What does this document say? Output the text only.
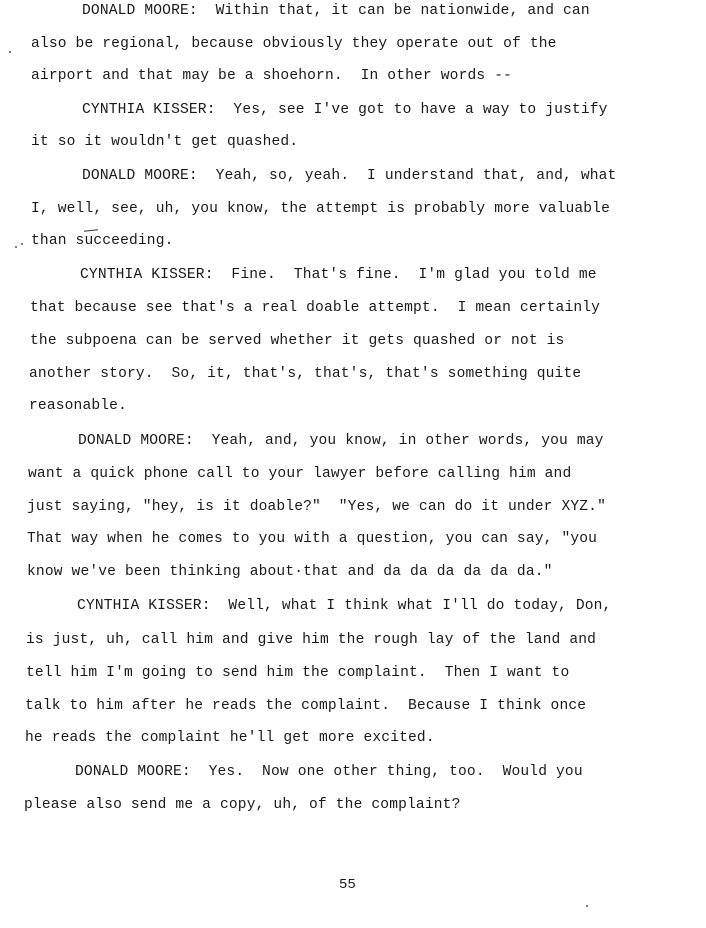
DONALD MOORE:  Within that, it can be nationwide, and can
also be regional, because obviously they operate out of the
airport and that may be a shoehorn.  In other words --
CYNTHIA KISSER:  Yes, see I've got to have a way to justify
it so it wouldn't get quashed.
DONALD MOORE:  Yeah, so, yeah.  I understand that, and, what
I, well, see, uh, you know, the attempt is probably more valuable
than succeeding.
CYNTHIA KISSER:  Fine.  That's fine.  I'm glad you told me
that because see that's a real doable attempt.  I mean certainly
the subpoena can be served whether it gets quashed or not is
another story.  So, it, that's, that's, that's something quite
reasonable.
DONALD MOORE:  Yeah, and, you know, in other words, you may
want a quick phone call to your lawyer before calling him and
just saying, "hey, is it doable?"  "Yes, we can do it under XYZ."
That way when he comes to you with a question, you can say, "you
know we've been thinking about·that and da da da da da da."
CYNTHIA KISSER:  Well, what I think what I'll do today, Don,
is just, uh, call him and give him the rough lay of the land and
tell him I'm going to send him the complaint.  Then I want to
talk to him after he reads the complaint.  Because I think once
he reads the complaint he'll get more excited.
DONALD MOORE:  Yes.  Now one other thing, too.  Would you
please also send me a copy, uh, of the complaint?
55
